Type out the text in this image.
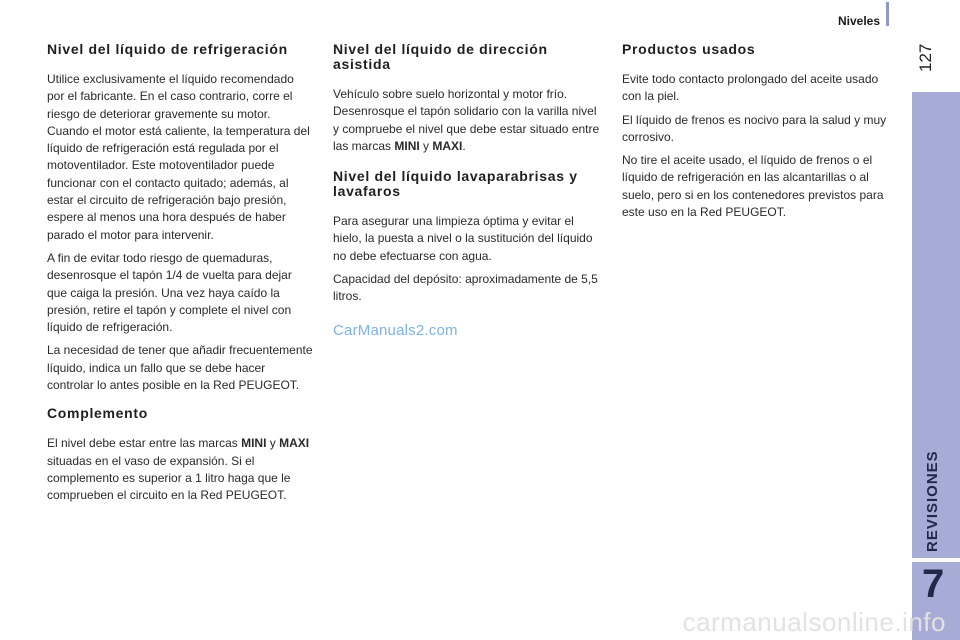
Niveles
127
REVISIONES
7
Nivel del líquido de refrigeración

Utilice exclusivamente el líquido recomendado por el fabricante. En el caso contrario, corre el riesgo de deteriorar gravemente su motor. Cuando el motor está caliente, la temperatura del líquido de refrigeración está regulada por el motoventilador. Este motoventilador puede funcionar con el contacto quitado; además, al estar el circuito de refrigeración bajo presión, espere al menos una hora después de haber parado el motor para intervenir.

A fin de evitar todo riesgo de quemaduras, desenrosque el tapón 1/4 de vuelta para dejar que caiga la presión. Una vez haya caído la presión, retire el tapón y complete el nivel con líquido de refrigeración.

La necesidad de tener que añadir frecuentemente líquido, indica un fallo que se debe hacer controlar lo antes posible en la Red PEUGEOT.

Complemento

El nivel debe estar entre las marcas MINI y MAXI situadas en el vaso de expansión. Si el complemento es superior a 1 litro haga que le comprueben el circuito en la Red PEUGEOT.

Nivel del líquido de dirección asistida

Vehículo sobre suelo horizontal y motor frío. Desenrosque el tapón solidario con la varilla nivel y compruebe el nivel que debe estar situado entre las marcas MINI y MAXI.

Nivel del líquido lavaparabrisas y lavafaros

Para asegurar una limpieza óptima y evitar el hielo, la puesta a nivel o la sustitución del líquido no debe efectuarse con agua.

Capacidad del depósito: aproximadamente de 5,5 litros.

Productos usados

Evite todo contacto prolongado del aceite usado con la piel.

El líquido de frenos es nocivo para la salud y muy corrosivo.

No tire el aceite usado, el líquido de frenos o el líquido de refrigeración en las alcantarillas o al suelo, pero si en los contenedores previstos para este uso en la Red PEUGEOT.

CarManuals2.com
carmanualsonline.info
